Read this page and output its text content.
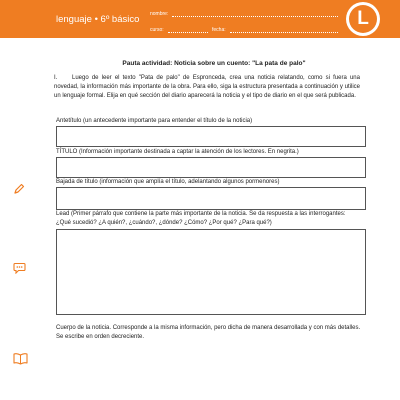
lenguaje • 6º básico nombre:
curso:	fecha:
L
Pauta actividad: Noticia sobre un cuento: "La pata de palo"
I. Luego de leer el texto "Pata de palo" de Espronceda, crea una noticia relatando, como si fuera una novedad, la información más importante de la obra. Para ello, siga la estructura presentada a continuación y utilice un lenguaje formal. Elija en qué sección del diario aparecerá la noticia y el tipo de diario en el que será publicada.
Antetítulo (un antecedente importante para entender el título de la noticia)
TÍTULO (Información importante destinada a captar la atención de los lectores. En negrita.)
Bajada de título (información que amplía el título, adelantando algunos pormenores)
Lead (Primer párrafo que contiene la parte más importante de la noticia. Se da respuesta a las interrogantes: ¿Qué sucedió? ¿A quién?, ¿cuándo?, ¿dónde? ¿Cómo? ¿Por qué? ¿Para qué?)
Cuerpo de la noticia. Corresponde a la misma información, pero dicha de manera desarrollada y con más detalles. Se escribe en orden decreciente.
